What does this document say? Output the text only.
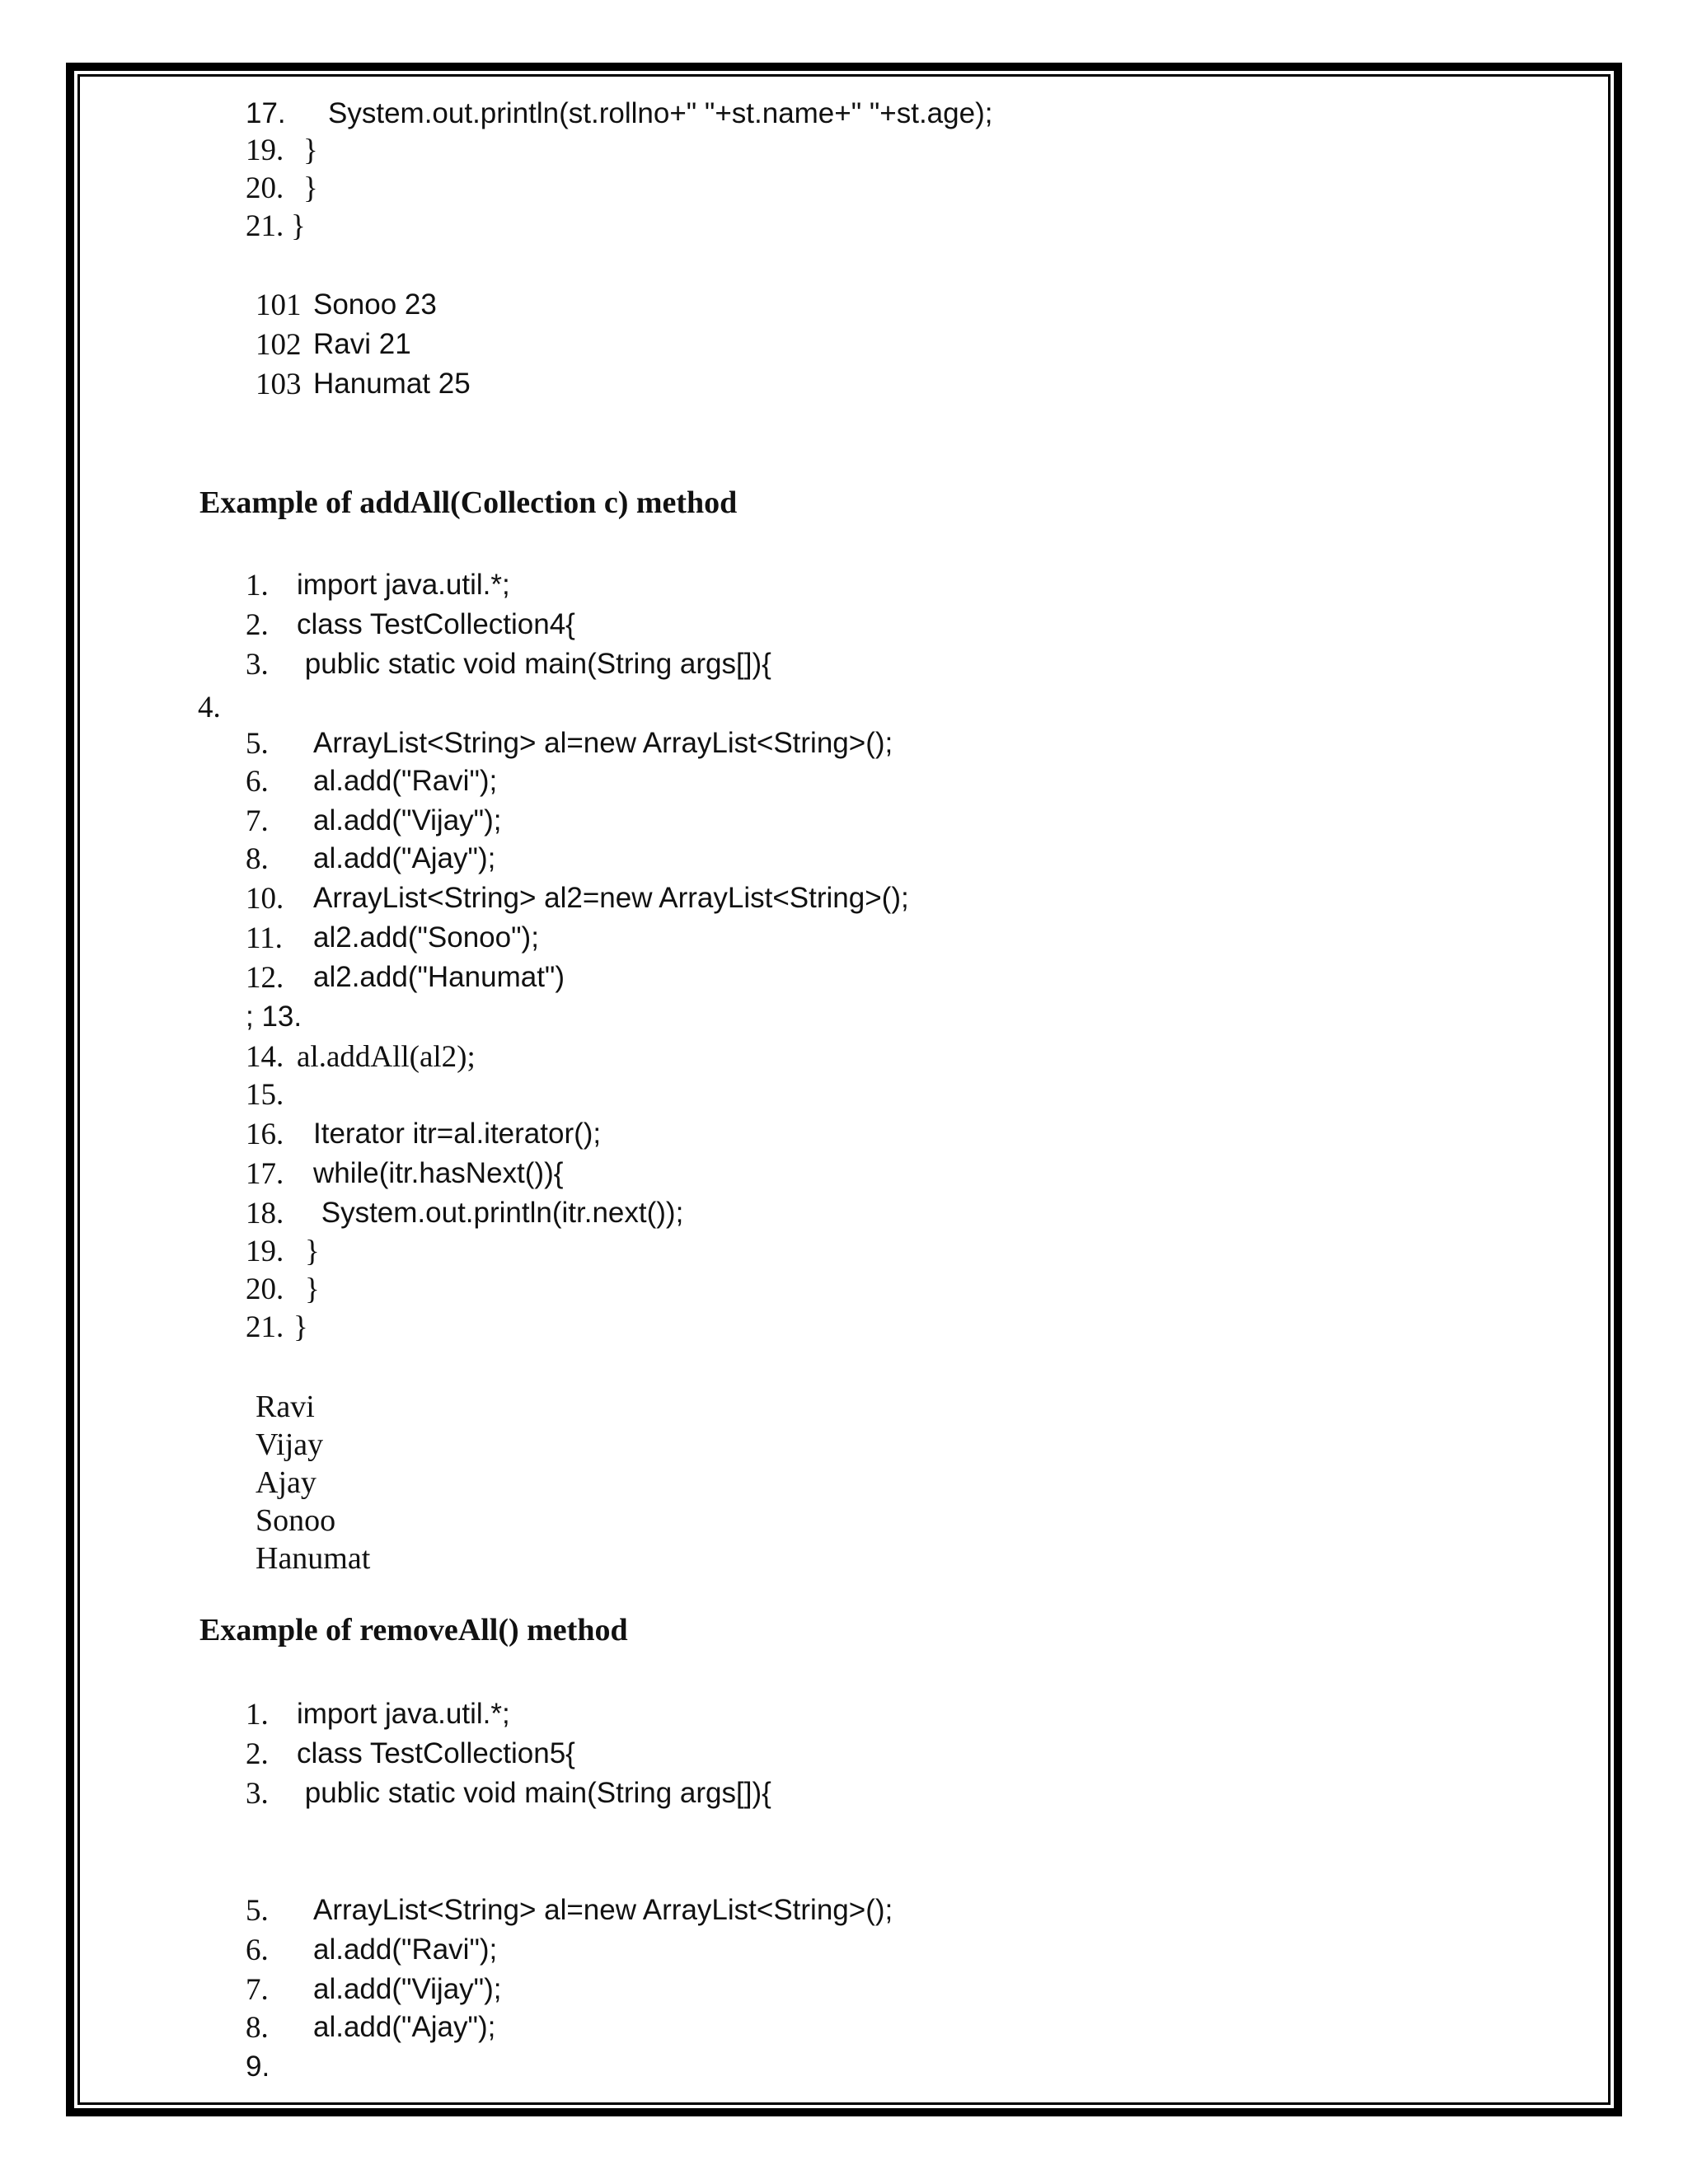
17. System.out.println(st.rollno+" "+st.name+" "+st.age);
19. }
20. }
21. }
101 Sonoo 23
102 Ravi 21
103 Hanumat 25
Example of addAll(Collection c) method
1. import java.util.*;
2. class TestCollection4{
3. public static void main(String args[]){
4.
5. ArrayList<String> al=new ArrayList<String>();
6. al.add("Ravi");
7. al.add("Vijay");
8. al.add("Ajay");
10. ArrayList<String> al2=new ArrayList<String>();
11. al2.add("Sonoo");
12. al2.add("Hanumat")
; 13.
14. al.addAll(al2);
15.
16. Iterator itr=al.iterator();
17. while(itr.hasNext()){
18. System.out.println(itr.next());
19. }
20. }
21. }
Ravi
Vijay
Ajay
Sonoo
Hanumat
Example of removeAll() method
1. import java.util.*;
2. class TestCollection5{
3. public static void main(String args[]){
5. ArrayList<String> al=new ArrayList<String>();
6. al.add("Ravi");
7. al.add("Vijay");
8. al.add("Ajay");
9.
